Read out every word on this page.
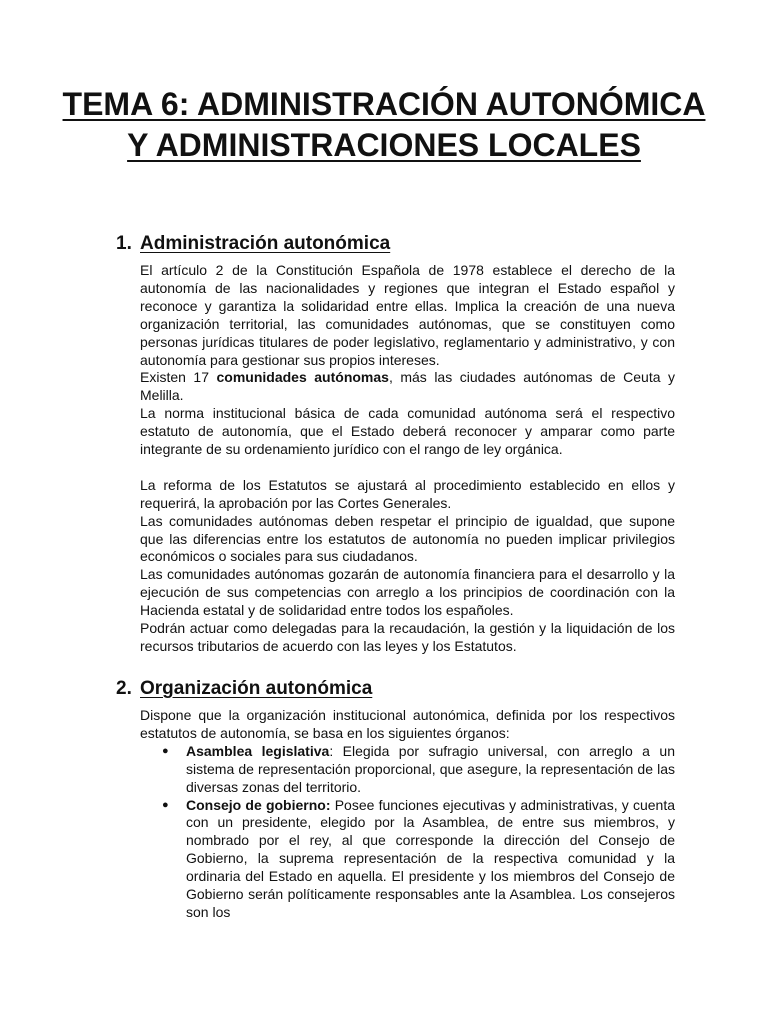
TEMA 6: ADMINISTRACIÓN AUTONÓMICA Y ADMINISTRACIONES LOCALES
1. Administración autonómica

El artículo 2 de la Constitución Española de 1978 establece el derecho de la autonomía de las nacionalidades y regiones que integran el Estado español y reconoce y garantiza la solidaridad entre ellas. Implica la creación de una nueva organización territorial, las comunidades autónomas, que se constituyen como personas jurídicas titulares de poder legislativo, reglamentario y administrativo, y con autonomía para gestionar sus propios intereses.

Existen 17 comunidades autónomas, más las ciudades autónomas de Ceuta y Melilla.

La norma institucional básica de cada comunidad autónoma será el respectivo estatuto de autonomía, que el Estado deberá reconocer y amparar como parte integrante de su ordenamiento jurídico con el rango de ley orgánica.

La reforma de los Estatutos se ajustará al procedimiento establecido en ellos y requerirá, la aprobación por las Cortes Generales.

Las comunidades autónomas deben respetar el principio de igualdad, que supone que las diferencias entre los estatutos de autonomía no pueden implicar privilegios económicos o sociales para sus ciudadanos.

Las comunidades autónomas gozarán de autonomía financiera para el desarrollo y la ejecución de sus competencias con arreglo a los principios de coordinación con la Hacienda estatal y de solidaridad entre todos los españoles.

Podrán actuar como delegadas para la recaudación, la gestión y la liquidación de los recursos tributarios de acuerdo con las leyes y los Estatutos.

2. Organización autonómica

Dispone que la organización institucional autonómica, definida por los respectivos estatutos de autonomía, se basa en los siguientes órganos:

● Asamblea legislativa: Elegida por sufragio universal, con arreglo a un sistema de representación proporcional, que asegure, la representación de las diversas zonas del territorio.
● Consejo de gobierno: Posee funciones ejecutivas y administrativas, y cuenta con un presidente, elegido por la Asamblea, de entre sus miembros, y nombrado por el rey, al que corresponde la dirección del Consejo de Gobierno, la suprema representación de la respectiva comunidad y la ordinaria del Estado en aquella. El presidente y los miembros del Consejo de Gobierno serán políticamente responsables ante la Asamblea. Los consejeros son los
